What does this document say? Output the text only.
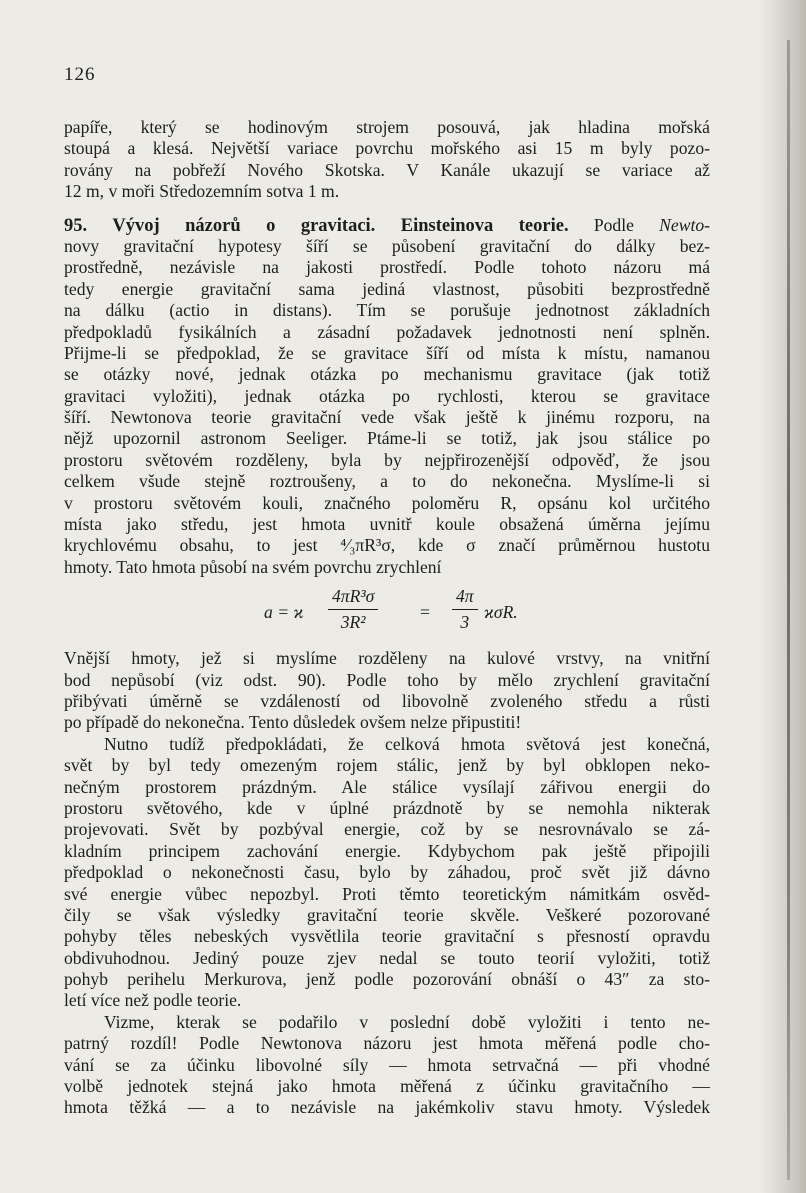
126
papíře, který se hodinovým strojem posouvá, jak hladina mořská
stoupá a klesá. Největší variace povrchu mořského asi 15 m byly pozo-
rovány na pobřeží Nového Skotska. V Kanále ukazují se variace až
12 m, v moři Středozemním sotva 1 m.
95. Vývoj názorů o gravitaci. Einsteinova teorie. Podle Newto-
novy gravitační hypotesy šíří se působení gravitační do dálky bez-
prostředně, nezávisle na jakosti prostředí. Podle tohoto názoru má
tedy energie gravitační sama jediná vlastnost, působiti bezprostředně
na dálku (actio in distans). Tím se porušuje jednotnost základních
předpokladů fysikálních a zásadní požadavek jednotnosti není splněn.
Přijme-li se předpoklad, že se gravitace šíří od místa k místu, namanou
se otázky nové, jednak otázka po mechanismu gravitace (jak totiž
gravitaci vyložiti), jednak otázka po rychlosti, kterou se gravitace
šíří. Newtonova teorie gravitační vede však ještě k jinému rozporu, na
nějž upozornil astronom Seeliger. Ptáme-li se totiž, jak jsou stálice po
prostoru světovém rozděleny, byla by nejpřirozenější odpověď, že jsou
celkem všude stejně roztroušeny, a to do nekonečna. Myslíme-li si
v prostoru světovém kouli, značného poloměru R, opsánu kol určitého
místa jako středu, jest hmota uvnitř koule obsažená úměrna jejímu
krychlovému obsahu, to jest ⁴⁄₃πR³σ, kde σ značí průměrnou hustotu
hmoty. Tato hmota působí na svém povrchu zrychlení
a = ϰ $\frac{\text{4πR³σ}}{\text{3R²}} = \frac{4\pi}{3} ϰ\sigma R$.
Vnější hmoty, jež si myslíme rozděleny na kulové vrstvy, na vnitřní
bod nepůsobí (viz odst. 90). Podle toho by mělo zrychlení gravitační
přibývati úměrně se vzdáleností od libovolně zvoleného středu a růsti
po případě do nekonečna. Tento důsledek ovšem nelze připustiti!
Nutno tudíž předpokládati, že celková hmota světová jest konečná,
svět by byl tedy omezeným rojem stálic, jenž by byl obklopen neko-
nečným prostorem prázdným. Ale stálice vysílají zářivou energii do
prostoru světového, kde v úplné prázdnotě by se nemohla nikterak
projevovati. Svět by pozbýval energie, což by se nesrovnávalo se zá-
kladním principem zachování energie. Kdybychom pak ještě připojili
předpoklad o nekonečnosti času, bylo by záhadou, proč svět již dávno
své energie vůbec nepozbyl. Proti těmto teoretickým námitkám osvěd-
čily se však výsledky gravitační teorie skvěle. Veškeré pozorované
pohyby těles nebeských vysvětlila teorie gravitační s přesností opravdu
obdivuhodnou. Jediný pouze zjev nedal se touto teorií vyložiti, totiž
pohyb perihelu Merkurova, jenž podle pozorování obnáší o 43″ za sto-
letí více než podle teorie.
Vizme, kterak se podařilo v poslední době vyložiti i tento ne-
patrný rozdíl! Podle Newtonova názoru jest hmota měřená podle cho-
vání se za účinku libovolné síly — hmota setrvačná — při vhodné
volbě jednotek stejná jako hmota měřená z účinku gravitačního —
hmota těžká — a to nezávisle na jakémkoliv stavu hmoty. Výsledek
